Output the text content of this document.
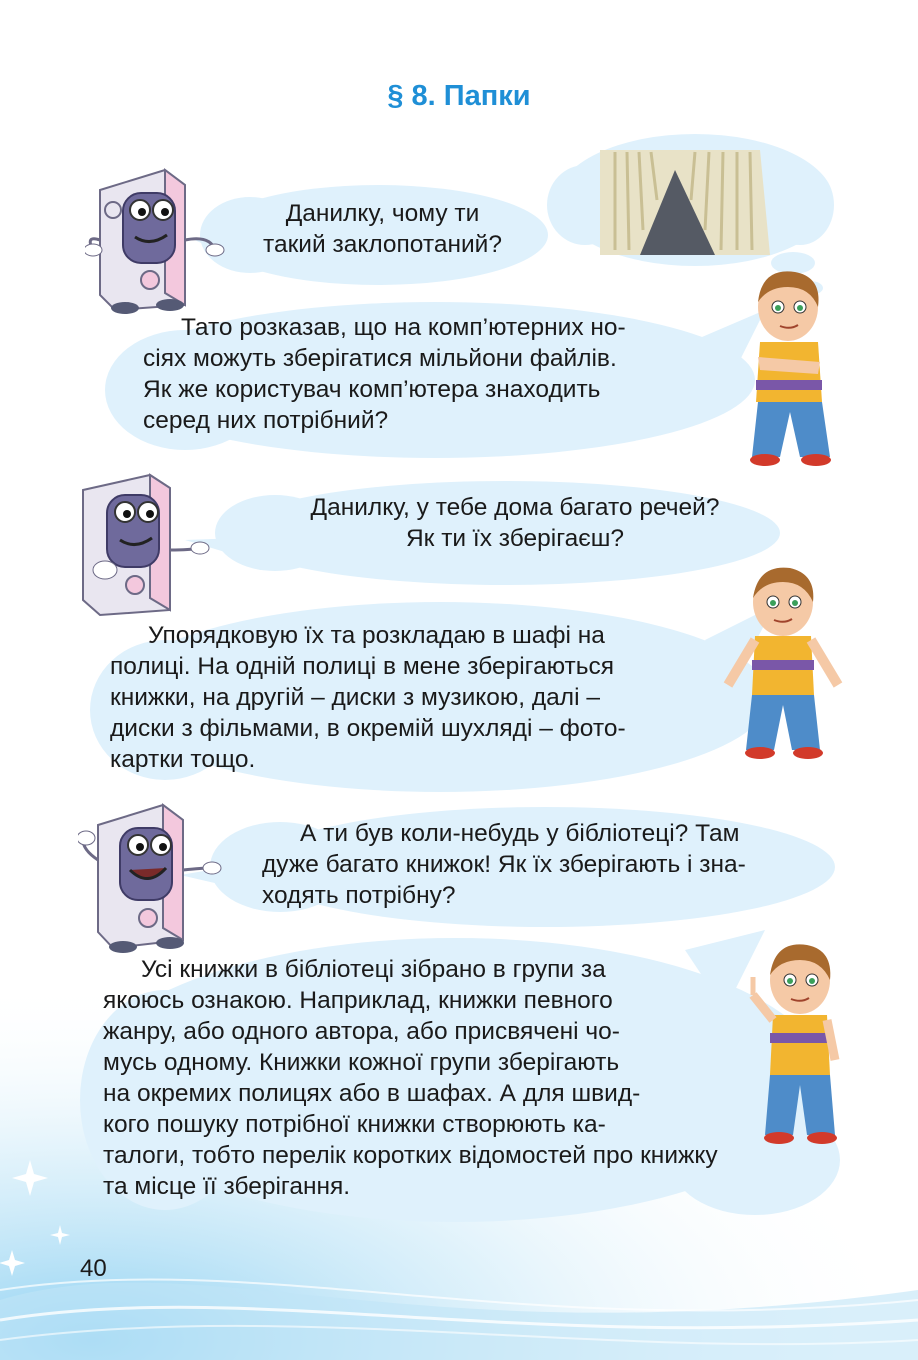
§ 8. Папки

Данилку, чому ти

такий заклопотаний?

Тато розказав, що на комп’ютерних но-

сіях можуть зберігатися мільйони файлів.

Як же користувач комп’ютера знаходить

серед них потрібний?

Данилку, у тебе дома багато речей?

Як ти їх зберігаєш?

Упорядковую їх та розкладаю в шафі на

полиці. На одній полиці в мене зберігаються

книжки, на другій – диски з музикою, далі –

диски з фільмами, в окремій шухляді – фото-

картки тощо.

А ти був коли-небудь у бібліотеці? Там

дуже багато книжок! Як їх зберігають і зна-

ходять потрібну?

Усі книжки в бібліотеці зібрано в групи за

якоюсь ознакою. Наприклад, книжки певного

жанру, або одного автора, або присвячені чо-

мусь одному. Книжки кожної групи зберігають

на окремих полицях або в шафах. А для швид-

кого пошуку потрібної книжки створюють ка-

талоги, тобто перелік коротких відомостей про книжку

та місце її зберігання.

40
